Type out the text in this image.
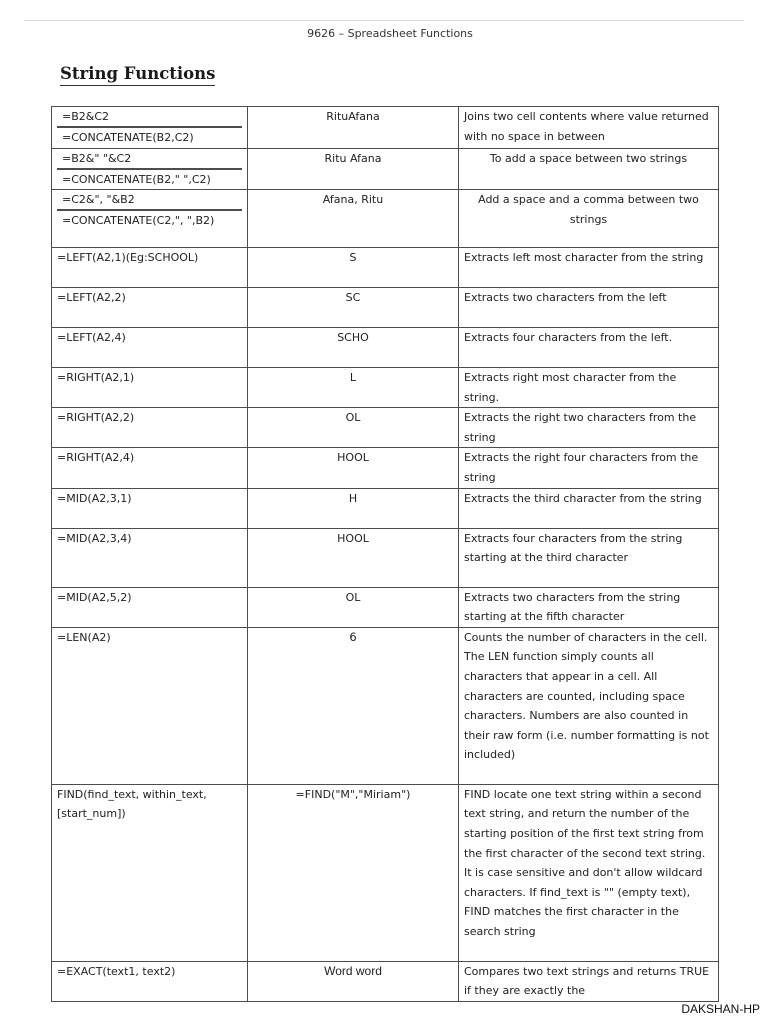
9626 – Spreadsheet Functions
String Functions
=B2&C2
=CONCATENATE(B2,C2)	RituAfana	Joins two cell contents where value returned with no space in between

=B2&" "&C2
=CONCATENATE(B2," ",C2)	Ritu Afana	To add a space between two strings

=C2&", "&B2
=CONCATENATE(C2,", ",B2)	Afana, Ritu	Add a space and a comma between two strings
=LEFT(A2,1)(Eg:SCHOOL)	S	Extracts left most character from the string
=LEFT(A2,2)	SC	Extracts two characters from the left
=LEFT(A2,4)	SCHO	Extracts four characters from the left.
=RIGHT(A2,1)	L	Extracts right most character from the string.
=RIGHT(A2,2)	OL	Extracts the right two characters from the string
=RIGHT(A2,4)	HOOL	Extracts the right four characters from the string
=MID(A2,3,1)	H	Extracts the third character from the string
=MID(A2,3,4)	HOOL	Extracts four characters from the string starting at the third character
=MID(A2,5,2)	OL	Extracts two characters from the string starting at the fifth character
=LEN(A2)	6	Counts the number of characters in the cell.
The LEN function simply counts all characters that appear in a cell. All characters are counted, including space characters. Numbers are also counted in their raw form (i.e. number formatting is not included)
FIND(find_text, within_text, [start_num])	=FIND("M","Miriam")	FIND locate one text string within a second text string, and return the number of the starting position of the first text string from the first character of the second text string. It is case sensitive and don't allow wildcard characters. If find_text is "" (empty text), FIND matches the first character in the search string
=EXACT(text1, text2)	Word word	Compares two text strings and returns TRUE if they are exactly the
DAKSHAN-HP
